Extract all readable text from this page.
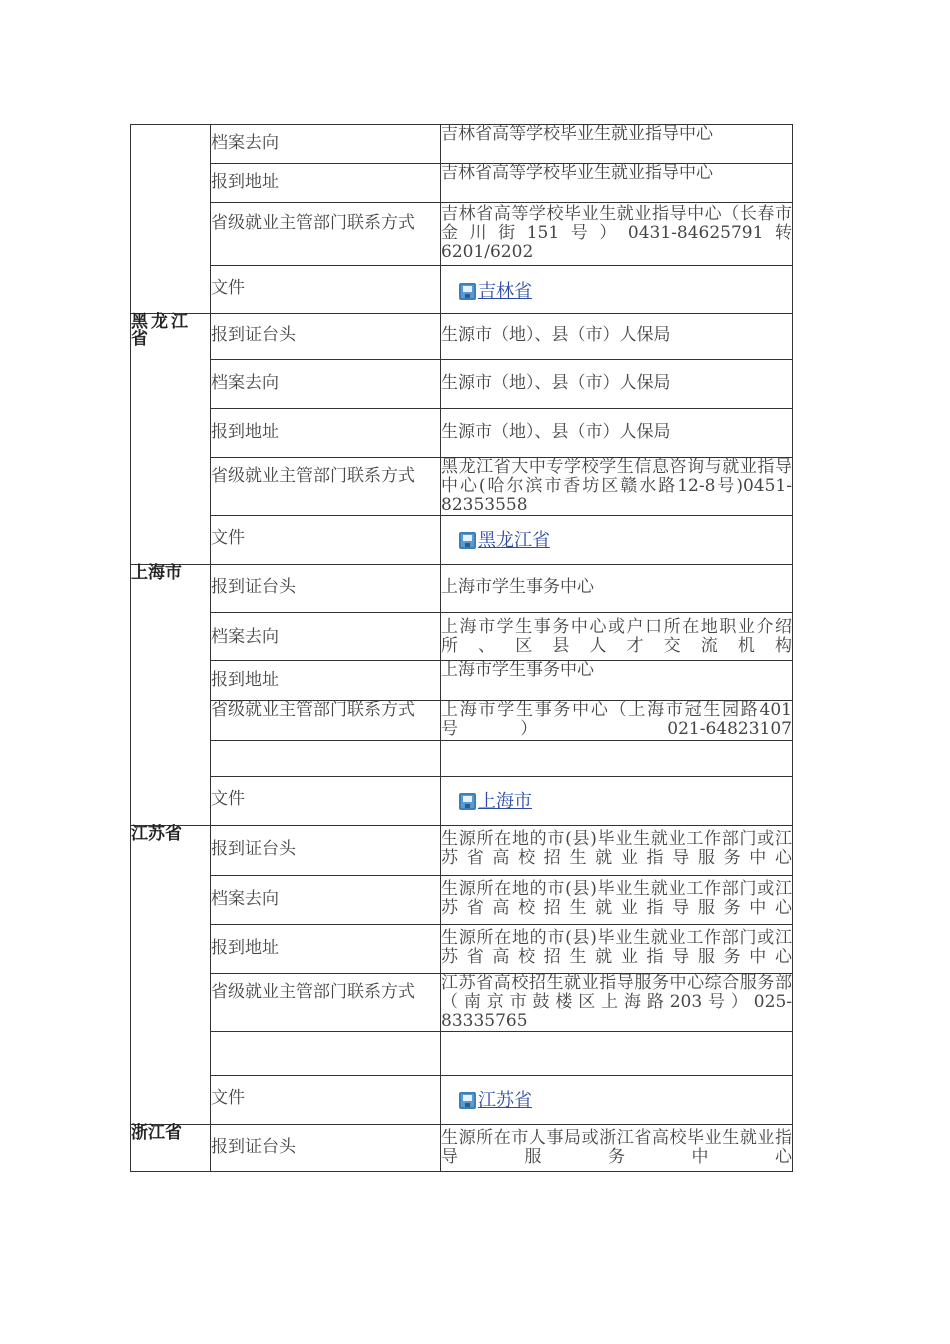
	档案去向	吉林省高等学校毕业生就业指导中心
	报到地址	吉林省高等学校毕业生就业指导中心
	省级就业主管部门联系方式	吉林省高等学校毕业生就业指导中心（长春市金川街151号）0431-84625791转6201/6202
	文件	吉林省

黑龙江省	报到证台头	生源市（地）、县（市）人保局
	档案去向	生源市（地）、县（市）人保局
	报到地址	生源市（地）、县（市）人保局
	省级就业主管部门联系方式	黑龙江省大中专学校学生信息咨询与就业指导中心(哈尔滨市香坊区赣水路12-8号)0451-82353558
	文件	黑龙江省

上海市	报到证台头	上海市学生事务中心
	档案去向	上海市学生事务中心或户口所在地职业介绍所、区县人才交流机构
	报到地址	上海市学生事务中心
	省级就业主管部门联系方式	上海市学生事务中心（上海市冠生园路401号） 021-64823107

	文件	上海市

江苏省	报到证台头	生源所在地的市(县)毕业生就业工作部门或江苏省高校招生就业指导服务中心
	档案去向	生源所在地的市(县)毕业生就业工作部门或江苏省高校招生就业指导服务中心
	报到地址	生源所在地的市(县)毕业生就业工作部门或江苏省高校招生就业指导服务中心
	省级就业主管部门联系方式	江苏省高校招生就业指导服务中心综合服务部（南京市鼓楼区上海路203号）025-83335765

	文件	江苏省

浙江省	报到证台头	生源所在市人事局或浙江省高校毕业生就业指导服务中心
